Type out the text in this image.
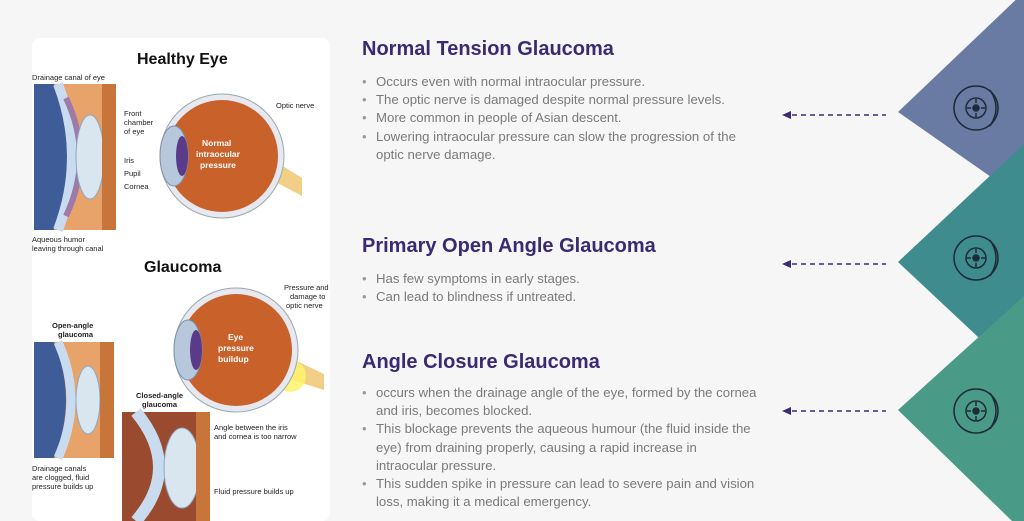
Healthy Eye
Drainage canal of eye
Aqueous humor
leaving through canal
Normal
intraocular
pressure
Optic nerve
Front
chamber
of eye
Iris
Pupil
Cornea
Glaucoma
Open-angle
glaucoma
Drainage canals
are clogged, fluid
pressure builds up
Eye
pressure
buildup
Pressure and
damage to
optic nerve
Closed-angle
glaucoma
Angle between the iris
and cornea is too narrow
Fluid pressure builds up
Normal Tension Glaucoma
• Occurs even with normal intraocular pressure.
• The optic nerve is damaged despite normal pressure levels.
• More common in people of Asian descent.
• Lowering intraocular pressure can slow the progression of the optic nerve damage.
Primary Open Angle Glaucoma
• Has few symptoms in early stages.
• Can lead to blindness if untreated.
Angle Closure Glaucoma
• occurs when the drainage angle of the eye, formed by the cornea and iris, becomes blocked.
• This blockage prevents the aqueous humour (the fluid inside the eye) from draining properly, causing a rapid increase in intraocular pressure.
• This sudden spike in pressure can lead to severe pain and vision loss, making it a medical emergency.
